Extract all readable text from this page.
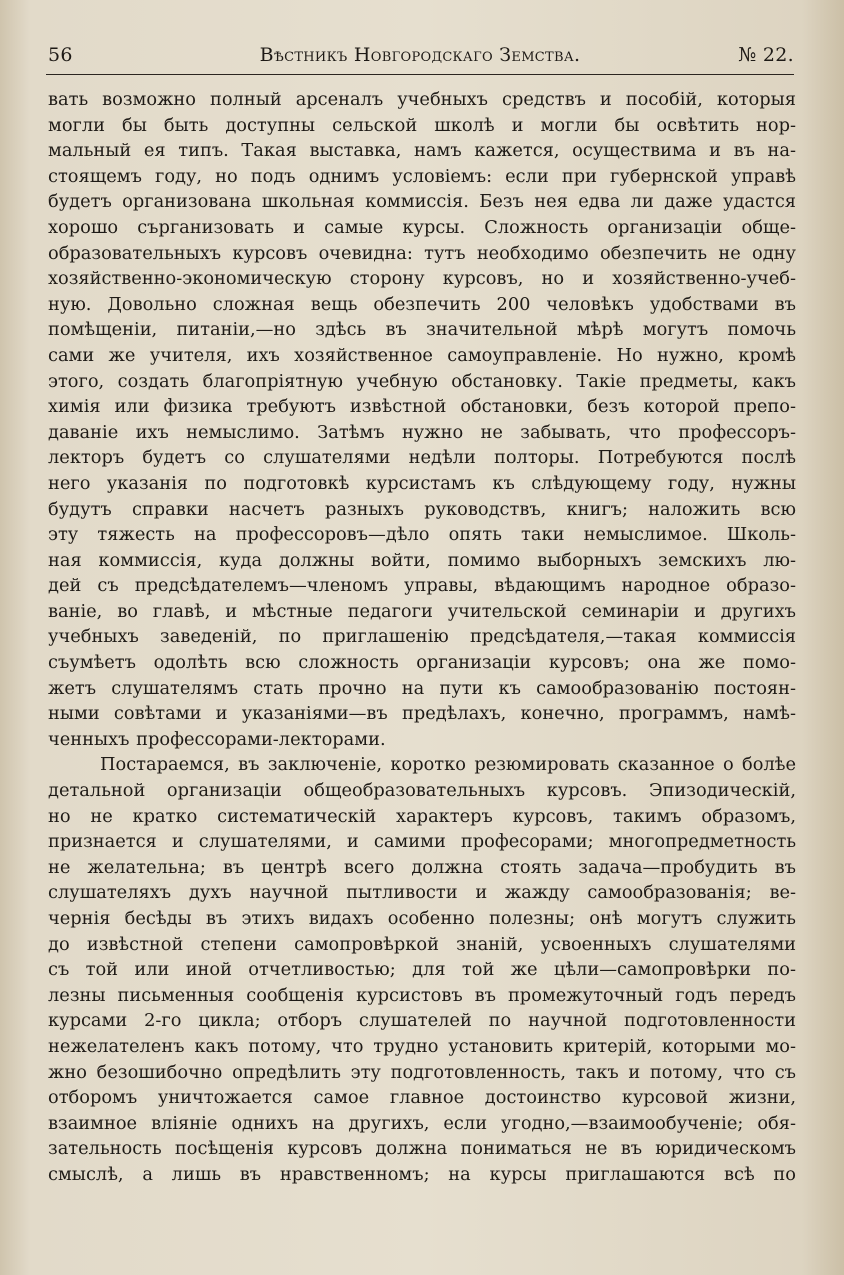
56	Вѣстникъ Новгородскаго Земства.	№ 22.
вать возможно полный арсеналъ учебныхъ средствъ и пособій, которыя
могли бы быть доступны сельской школѣ и могли бы освѣтить нор-
мальный ея типъ. Такая выставка, намъ кажется, осуществима и въ на-
стоящемъ году, но подъ однимъ условіемъ: если при губернской управѣ
будетъ организована школьная коммиссія. Безъ нея едва ли даже удастся
хорошо сърганизовать и самые курсы. Сложность организаціи обще-
образовательныхъ курсовъ очевидна: тутъ необходимо обезпечить не одну
хозяйственно-экономическую сторону курсовъ, но и хозяйственно-учеб-
ную. Довольно сложная вещь обезпечить 200 человѣкъ удобствами въ
помѣщеніи, питаніи,—но здѣсь въ значительной мѣрѣ могутъ помочь
сами же учителя, ихъ хозяйственное самоуправленіе. Но нужно, кромѣ
этого, создать благопріятную учебную обстановку. Такіе предметы, какъ
химія или физика требуютъ извѣстной обстановки, безъ которой препо-
даваніе ихъ немыслимо. Затѣмъ нужно не забывать, что профессоръ-
лекторъ будетъ со слушателями недѣли полторы. Потребуются послѣ
него указанія по подготовкѣ курсистамъ къ слѣдующему году, нужны
будутъ справки насчетъ разныхъ руководствъ, книгъ; наложить всю
эту тяжесть на профессоровъ—дѣло опять таки немыслимое. Школь-
ная коммиссія, куда должны войти, помимо выборныхъ земскихъ лю-
дей съ предсѣдателемъ—членомъ управы, вѣдающимъ народное образо-
ваніе, во главѣ, и мѣстные педагоги учительской семинаріи и другихъ
учебныхъ заведеній, по приглашенію предсѣдателя,—такая коммиссія
съумѣетъ одолѣть всю сложность организаціи курсовъ; она же помо-
жетъ слушателямъ стать прочно на пути къ самообразованію постоян-
ными совѣтами и указаніями—въ предѣлахъ, конечно, программъ, намѣ-
ченныхъ профессорами-лекторами.
Постараемся, въ заключеніе, коротко резюмировать сказанное о болѣе
детальной организаціи общеобразовательныхъ курсовъ. Эпизодическій,
но не кратко систематическій характеръ курсовъ, такимъ образомъ,
признается и слушателями, и самими професорами; многопредметность
не желательна; въ центрѣ всего должна стоять задача—пробудить въ
слушателяхъ духъ научной пытливости и жажду самообразованія; ве-
чернія бесѣды въ этихъ видахъ особенно полезны; онѣ могутъ служить
до извѣстной степени самопровѣркой знаній, усвоенныхъ слушателями
съ той или иной отчетливостью; для той же цѣли—самопровѣрки по-
лезны письменныя сообщенія курсистовъ въ промежуточный годъ передъ
курсами 2-го цикла; отборъ слушателей по научной подготовленности
нежелателенъ какъ потому, что трудно установить критерій, которыми мо-
жно безошибочно опредѣлить эту подготовленность, такъ и потому, что съ
отборомъ уничтожается самое главное достоинство курсовой жизни,
взаимное вліяніе однихъ на другихъ, если угодно,—взаимообученіе; обя-
зательность посѣщенія курсовъ должна пониматься не въ юридическомъ
смыслѣ, а лишь въ нравственномъ; на курсы приглашаются всѣ по
